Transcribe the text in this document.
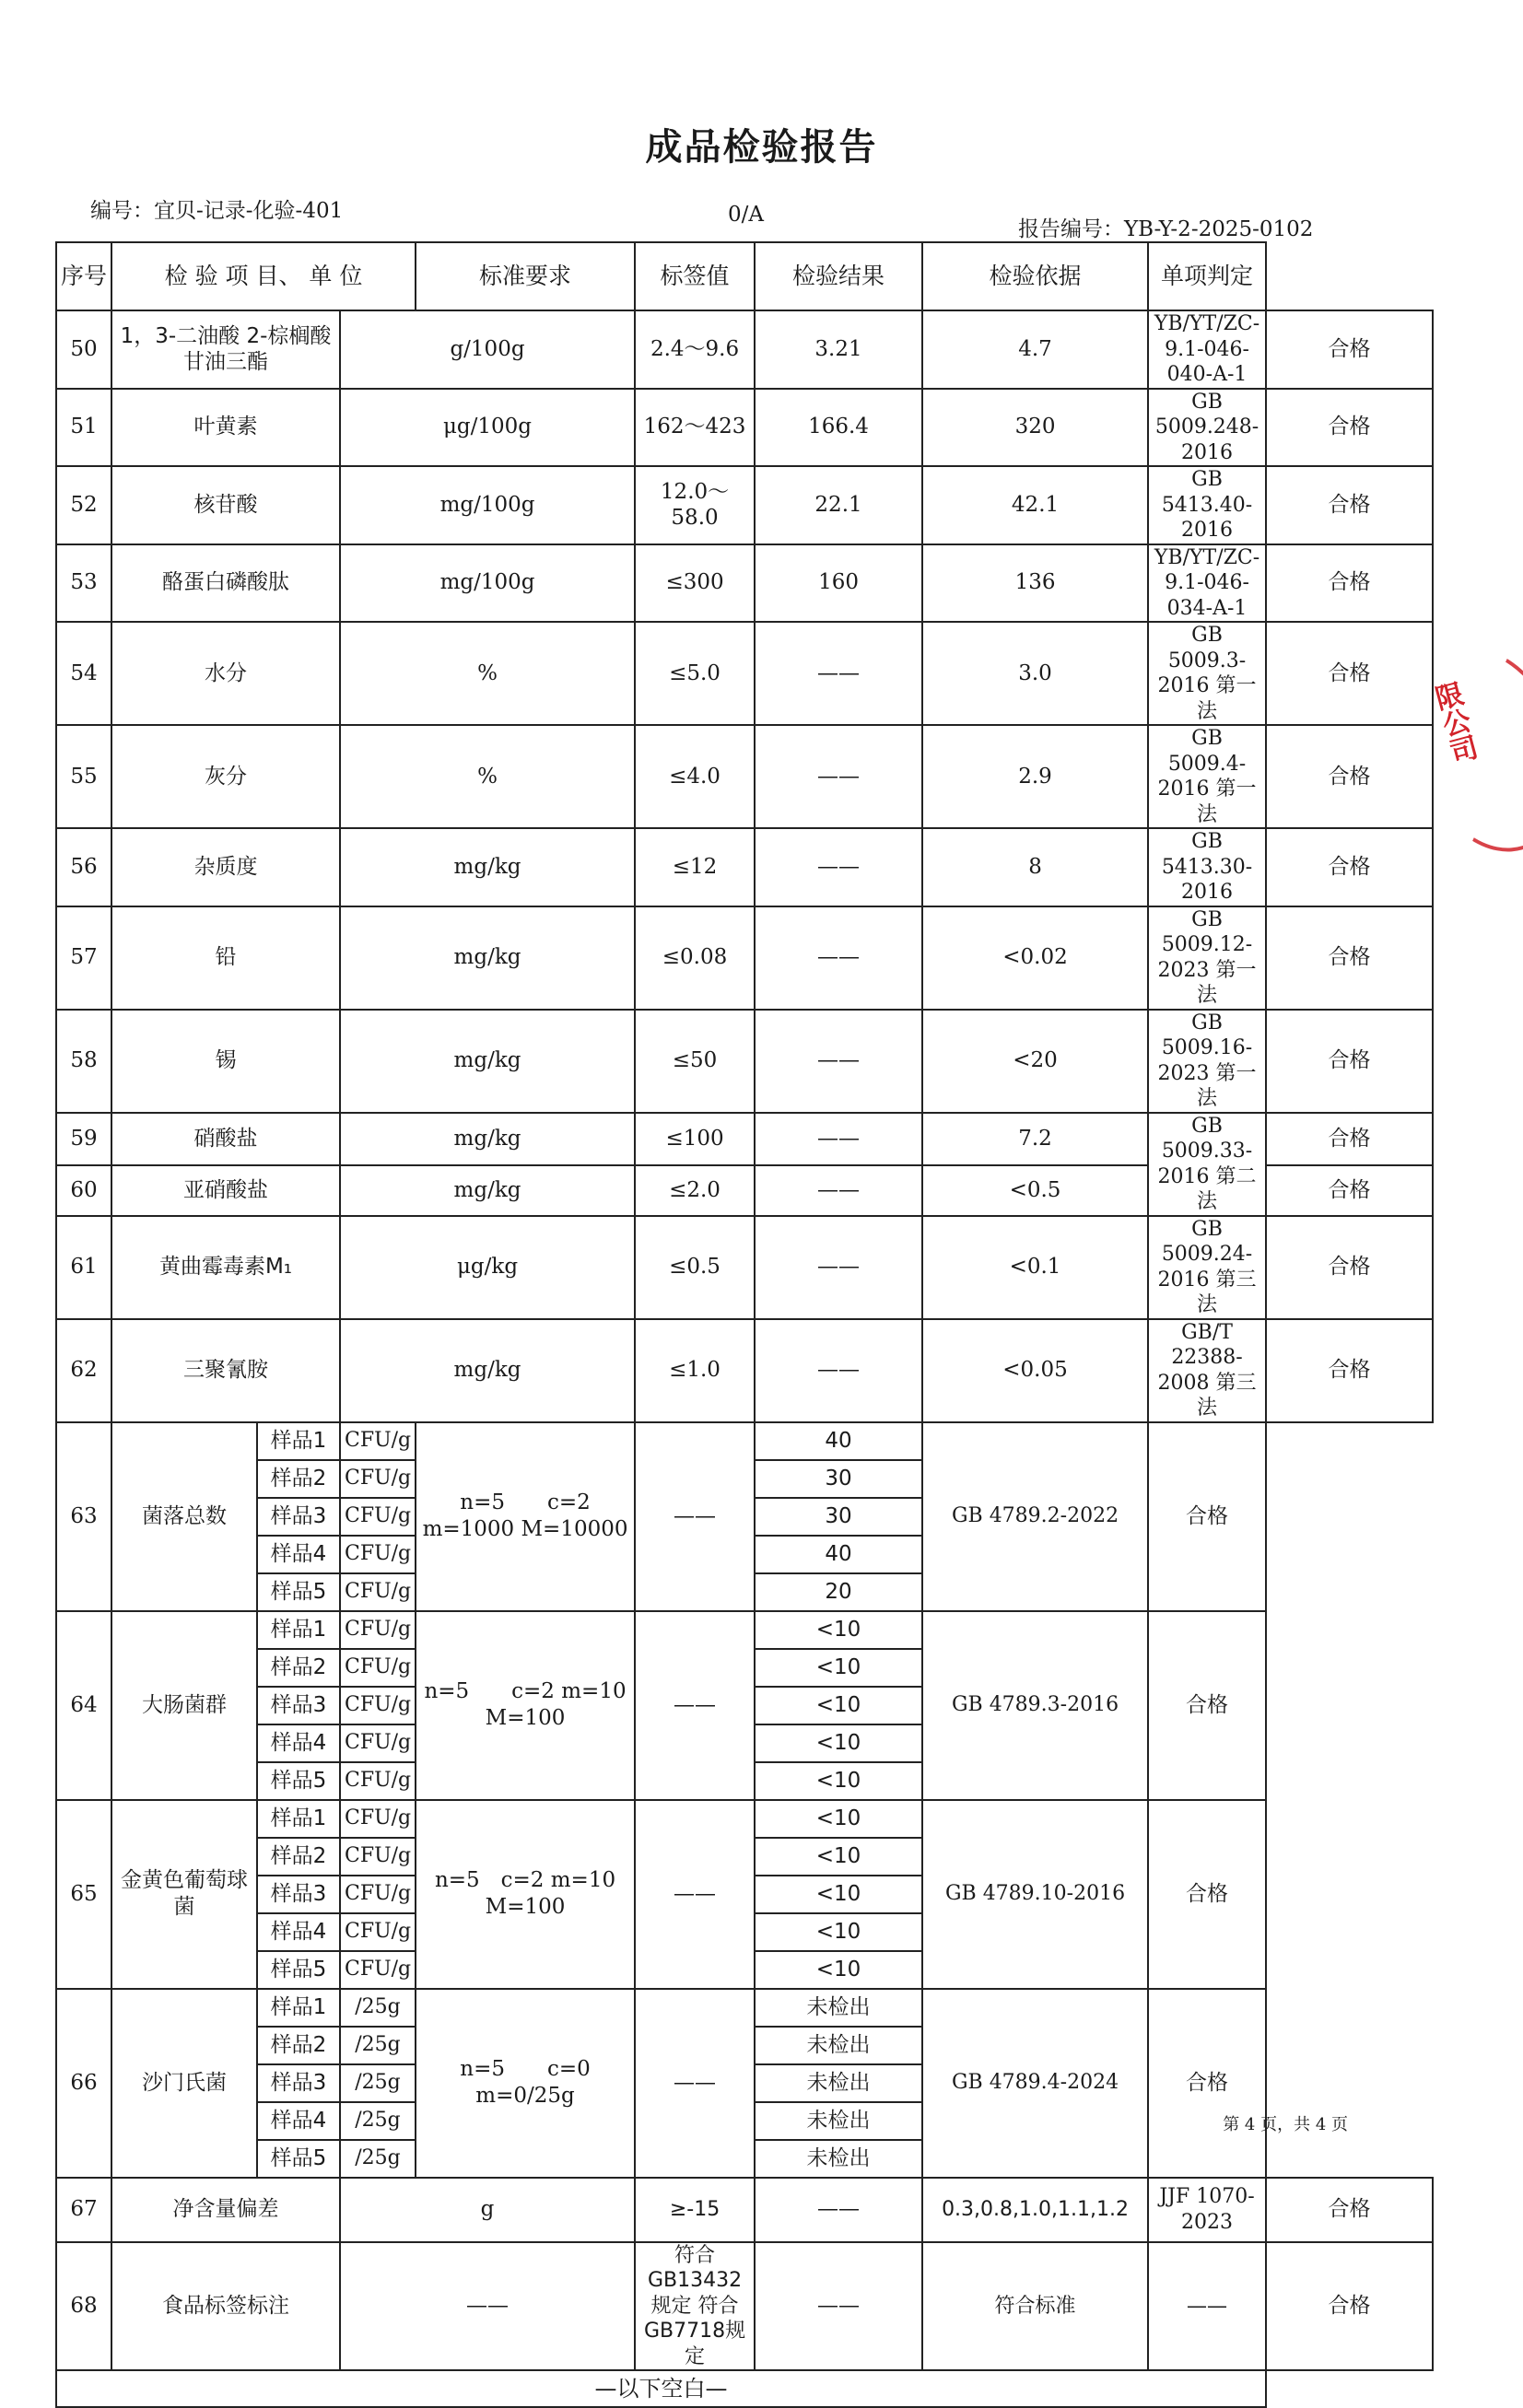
成品检验报告
编号：宜贝-记录-化验-401	0/A
报告编号：YB-Y-2-2025-0102
序号	检 验 项 目、 单 位			标准要求	标签值	检验结果	检验依据	单项判定	
50	1，3-二油酸 2-棕榈酸甘油三酯		g/100g		2.4～9.6	3.21	4.7	YB/YT/ZC-9.1-046-040-A-1	合格
51	叶黄素		μg/100g		162～423	166.4	320	GB 5009.248-2016	合格
52	核苷酸		mg/100g		12.0～58.0	22.1	42.1	GB 5413.40-2016	合格
53	酪蛋白磷酸肽		mg/100g		≤300	160	136	YB/YT/ZC-9.1-046-034-A-1	合格
54	水分		%		≤5.0	——	3.0	GB 5009.3-2016 第一法	合格
55	灰分		%		≤4.0	——	2.9	GB 5009.4-2016 第一法	合格
56	杂质度		mg/kg		≤12	——	8	GB 5413.30-2016	合格
57	铅		mg/kg		≤0.08	——	<0.02	GB 5009.12-2023 第一法	合格
58	锡		mg/kg		≤50	——	<20	GB 5009.16-2023 第一法	合格
59	硝酸盐		mg/kg		≤100	——	7.2	GB 5009.33-2016 第二法	合格
60	亚硝酸盐		mg/kg		≤2.0	——	<0.5		合格
61	黄曲霉毒素M₁		μg/kg		≤0.5	——	<0.1	GB 5009.24-2016 第三法	合格
62	三聚氰胺		mg/kg		≤1.0	——	<0.05	GB/T 22388-2008 第三法	合格
63	菌落总数	样品1	CFU/g	n=5　　c=2 m=1000 M=10000	——	40	GB 4789.2-2022	合格	
		样品2	CFU/g			30			
		样品3	CFU/g			30			
		样品4	CFU/g			40			
		样品5	CFU/g			20			
64	大肠菌群	样品1	CFU/g	n=5　　c=2 m=10 M=100	——	<10	GB 4789.3-2016	合格	
		样品2	CFU/g			<10			
		样品3	CFU/g			<10			
		样品4	CFU/g			<10			
		样品5	CFU/g			<10			
65	金黄色葡萄球菌	样品1	CFU/g	n=5　c=2 m=10 M=100	——	<10	GB 4789.10-2016	合格	
		样品2	CFU/g			<10			
		样品3	CFU/g			<10			
		样品4	CFU/g			<10			
		样品5	CFU/g			<10			
66	沙门氏菌	样品1	/25g	n=5　　c=0 m=0/25g	——	未检出	GB 4789.4-2024	合格	
		样品2	/25g			未检出			
		样品3	/25g			未检出			
		样品4	/25g			未检出			
		样品5	/25g			未检出			
67	净含量偏差		g		≥-15	——	0.3,0.8,1.0,1.1,1.2	JJF 1070-2023	合格
68	食品标签标注		——		符合GB13432规定 符合GB7718规定	——	符合标准	——	合格
—以下空白—									
限公司
第 4 页，共 4 页
